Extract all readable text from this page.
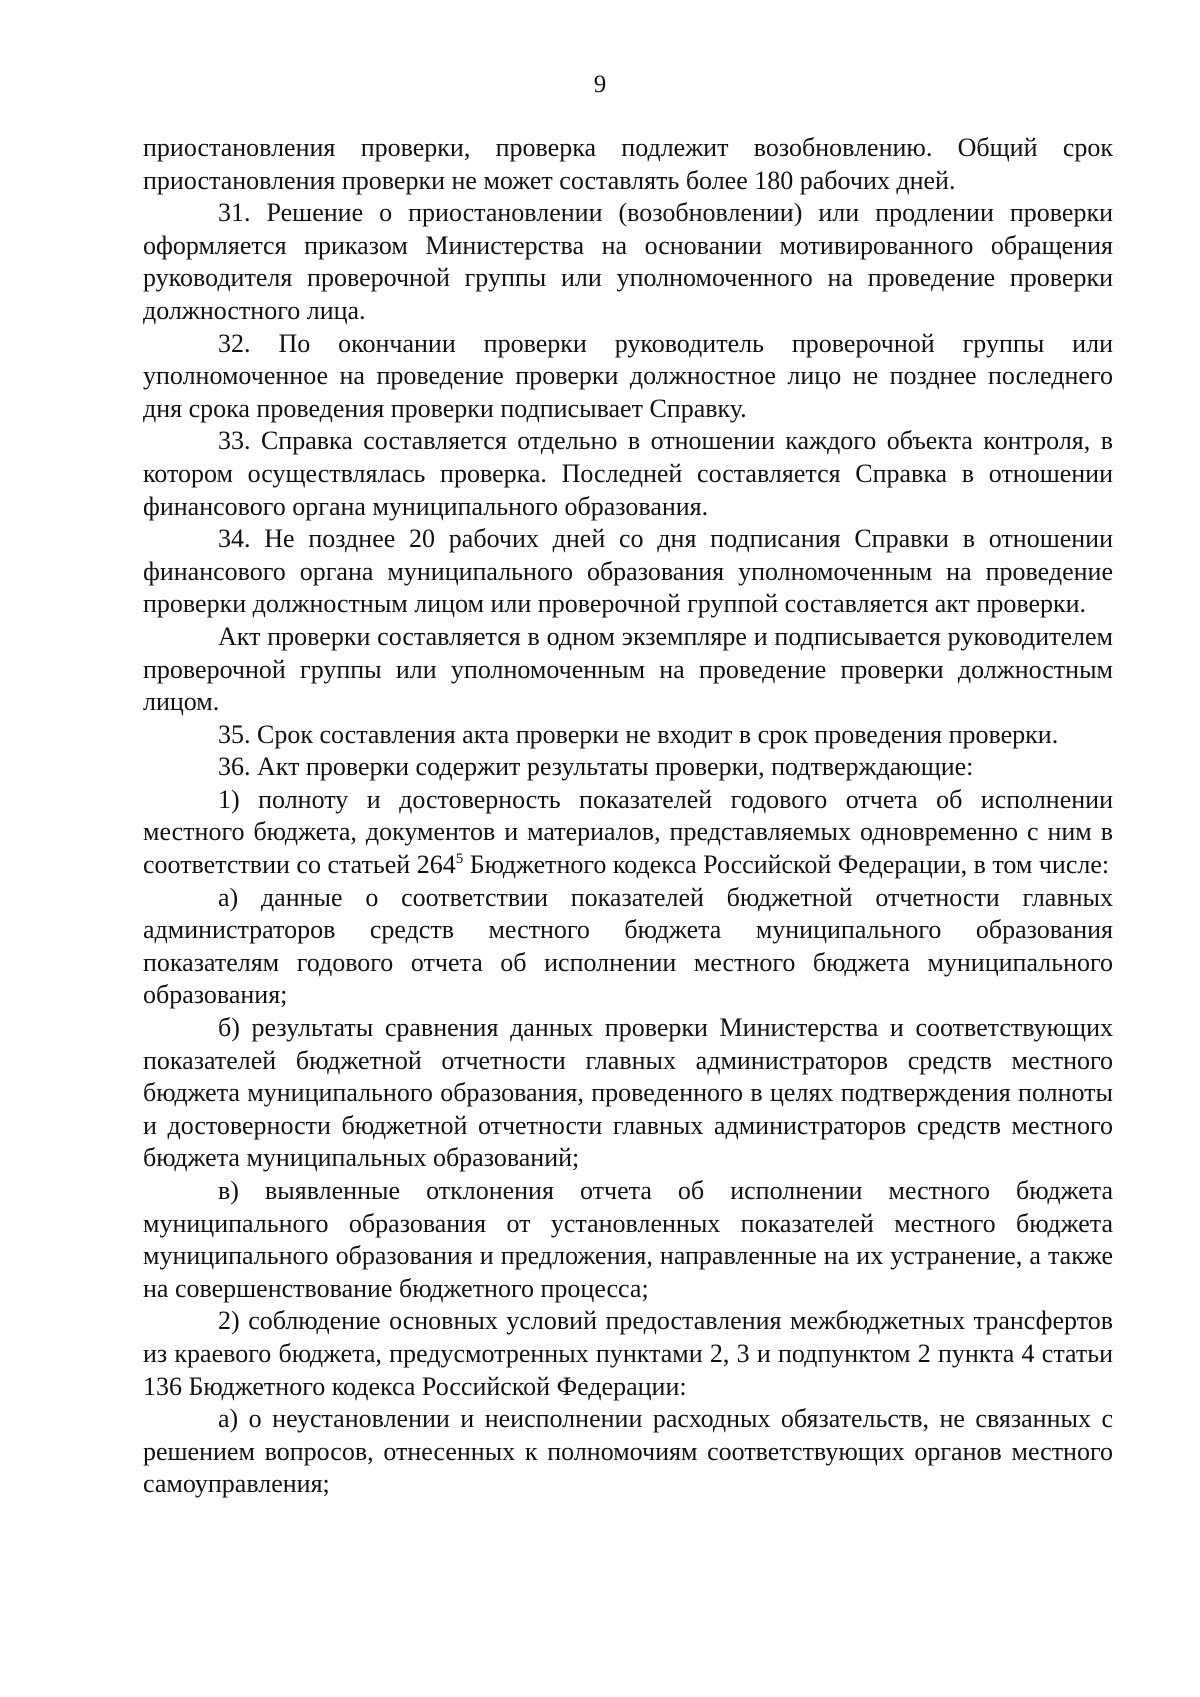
9

приостановления проверки, проверка подлежит возобновлению. Общий срок приостановления проверки не может составлять более 180 рабочих дней.

31. Решение о приостановлении (возобновлении) или продлении проверки оформляется приказом Министерства на основании мотивированного обращения руководителя проверочной группы или уполномоченного на проведение проверки должностного лица.

32. По окончании проверки руководитель проверочной группы или уполномоченное на проведение проверки должностное лицо не позднее последнего дня срока проведения проверки подписывает Справку.

33. Справка составляется отдельно в отношении каждого объекта контроля, в котором осуществлялась проверка. Последней составляется Справка в отношении финансового органа муниципального образования.

34. Не позднее 20 рабочих дней со дня подписания Справки в отношении финансового органа муниципального образования уполномоченным на проведение проверки должностным лицом или проверочной группой составляется акт проверки.

Акт проверки составляется в одном экземпляре и подписывается руководителем проверочной группы или уполномоченным на проведение проверки должностным лицом.

35. Срок составления акта проверки не входит в срок проведения проверки.

36. Акт проверки содержит результаты проверки, подтверждающие:

1) полноту и достоверность показателей годового отчета об исполнении местного бюджета, документов и материалов, представляемых одновременно с ним в соответствии со статьей $264^5$ Бюджетного кодекса Российской Федерации, в том числе:

а) данные о соответствии показателей бюджетной отчетности главных администраторов средств местного бюджета муниципального образования показателям годового отчета об исполнении местного бюджета муниципального образования;

б) результаты сравнения данных проверки Министерства и соответствующих показателей бюджетной отчетности главных администраторов средств местного бюджета муниципального образования, проведенного в целях подтверждения полноты и достоверности бюджетной отчетности главных администраторов средств местного бюджета муниципальных образований;

в) выявленные отклонения отчета об исполнении местного бюджета муниципального образования от установленных показателей местного бюджета муниципального образования и предложения, направленные на их устранение, а также на совершенствование бюджетного процесса;

2) соблюдение основных условий предоставления межбюджетных трансфертов из краевого бюджета, предусмотренных пунктами 2, 3 и подпунктом 2 пункта 4 статьи 136 Бюджетного кодекса Российской Федерации:

а) о неустановлении и неисполнении расходных обязательств, не связанных с решением вопросов, отнесенных к полномочиям соответствующих органов местного самоуправления;
